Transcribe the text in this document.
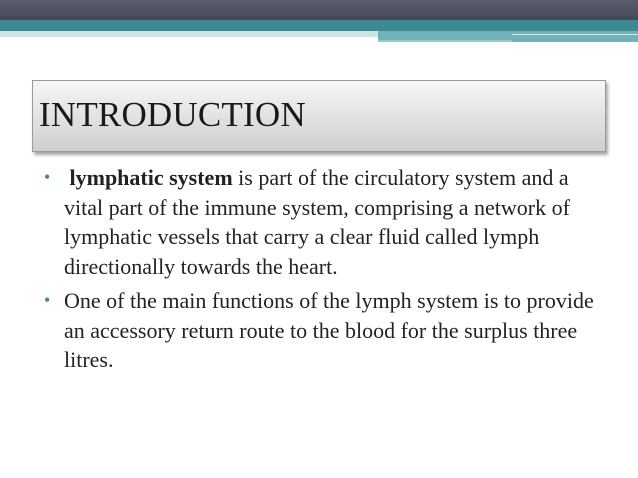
INTRODUCTION
• lymphatic system is part of the circulatory system and a vital part of the immune system, comprising a network of lymphatic vessels that carry a clear fluid called lymph directionally towards the heart.
• One of the main functions of the lymph system is to provide an accessory return route to the blood for the surplus three litres.
